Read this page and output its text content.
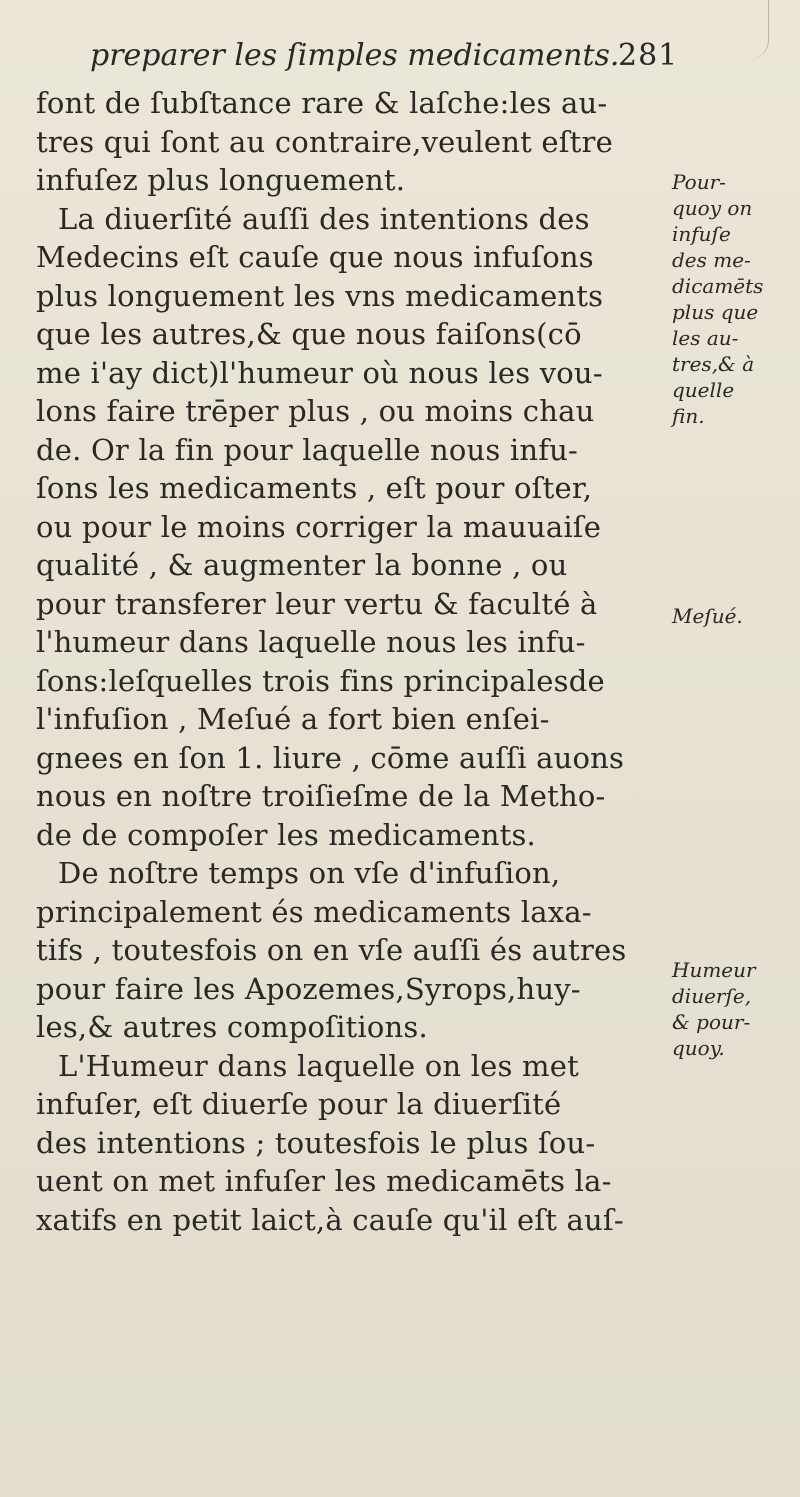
preparer les ſimples medicaments.
281
font de ſubſtance rare & laſche:les au-
tres qui ſont au contraire,veulent eſtre
infuſez plus longuement.
La diuerſité auſſi des intentions des
Medecins eſt cauſe que nous infuſons
plus longuement les vns medicaments
que les autres,& que nous faiſons(cō
me i'ay dict)l'humeur où nous les vou-
lons faire trēper plus , ou moins chau
de. Or la fin pour laquelle nous infu-
ſons les medicaments , eſt pour oſter,
ou pour le moins corriger la mauuaiſe
qualité , & augmenter la bonne , ou
pour transferer leur vertu & faculté à
l'humeur dans laquelle nous les infu-
ſons:leſquelles trois fins principalesde
l'infuſion , Meſué a fort bien enſei-
gnees en ſon 1. liure , cōme auſſi auons
nous en noſtre troiſieſme de la Metho-
de de compoſer les medicaments.
De noſtre temps on vſe d'infuſion,
principalement és medicaments laxa-
tifs , toutesfois on en vſe auſſi és autres
pour faire les Apozemes,Syrops,huy-
les,& autres compoſitions.
L'Humeur dans laquelle on les met
infuſer, eſt diuerſe pour la diuerſité
des intentions ; toutesfois le plus ſou-
uent on met infuſer les medicamēts la-
xatifs en petit laict,à cauſe qu'il eſt auſ-
Pour-
quoy on
infuſe
des me-
dicamēts
plus que
les au-
tres,& à
quelle
fin.
Meſué.
Humeur
diuerſe,
& pour-
quoy.
